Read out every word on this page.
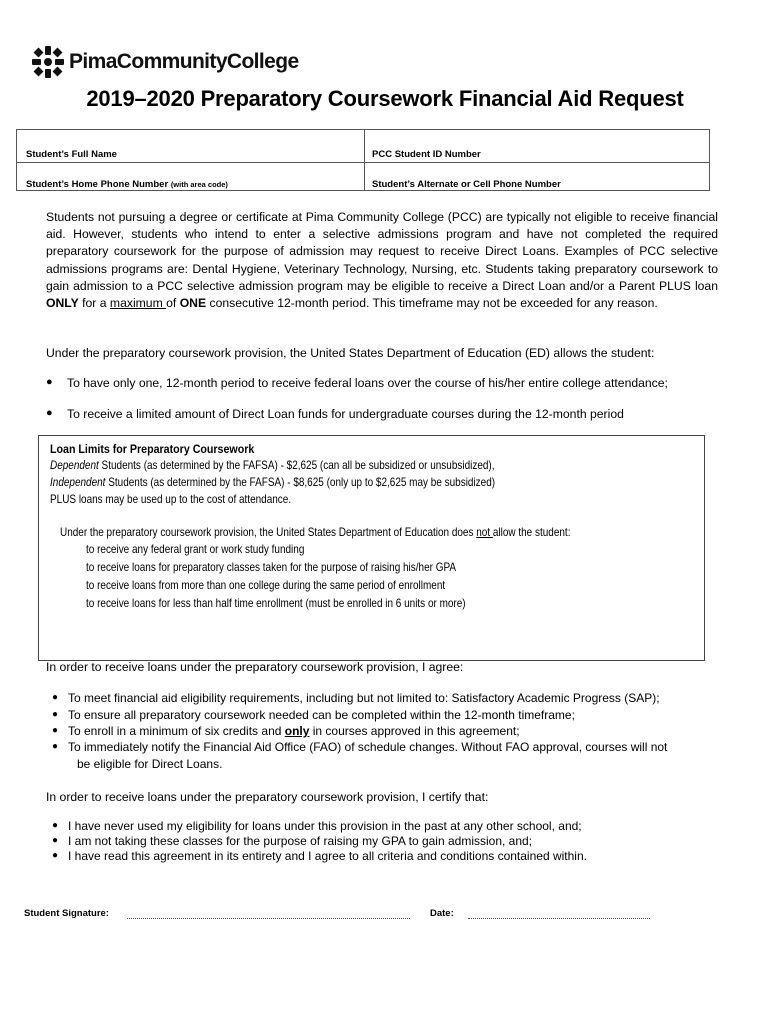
PimaCommunityCollege
2019–2020 Preparatory Coursework Financial Aid Request
Student’s Full Name	PCC Student ID Number
Student’s Home Phone Number (with area code)	Student’s Alternate or Cell Phone Number
Students not pursuing a degree or certificate at Pima Community College (PCC) are typically not eligible to receive financial aid. However, students who intend to enter a selective admissions program and have not completed the required preparatory coursework for the purpose of admission may request to receive Direct Loans. Examples of PCC selective admissions programs are: Dental Hygiene, Veterinary Technology, Nursing, etc. Students taking preparatory coursework to gain admission to a PCC selective admission program may be eligible to receive a Direct Loan and/or a Parent PLUS loan ONLY for a maximum of ONE consecutive 12-month period. This timeframe may not be exceeded for any reason.
Under the preparatory coursework provision, the United States Department of Education (ED) allows the student:
● To have only one, 12-month period to receive federal loans over the course of his/her entire college attendance;
● To receive a limited amount of Direct Loan funds for undergraduate courses during the 12-month period
Loan Limits for Preparatory Coursework
Dependent Students (as determined by the FAFSA) - $2,625 (can all be subsidized or unsubsidized),
Independent Students (as determined by the FAFSA) - $8,625 (only up to $2,625 may be subsidized)
PLUS loans may be used up to the cost of attendance.
Under the preparatory coursework provision, the United States Department of Education does not allow the student:
to receive any federal grant or work study funding
to receive loans for preparatory classes taken for the purpose of raising his/her GPA
to receive loans from more than one college during the same period of enrollment
to receive loans for less than half time enrollment (must be enrolled in 6 units or more)
In order to receive loans under the preparatory coursework provision, I agree:
● To meet financial aid eligibility requirements, including but not limited to: Satisfactory Academic Progress (SAP);
● To ensure all preparatory coursework needed can be completed within the 12-month timeframe;
● To enroll in a minimum of six credits and only in courses approved in this agreement;
● To immediately notify the Financial Aid Office (FAO) of schedule changes. Without FAO approval, courses will not
be eligible for Direct Loans.
In order to receive loans under the preparatory coursework provision, I certify that:
● I have never used my eligibility for loans under this provision in the past at any other school, and;
● I am not taking these classes for the purpose of raising my GPA to gain admission, and;
● I have read this agreement in its entirety and I agree to all criteria and conditions contained within.
Student Signature:	Date:
